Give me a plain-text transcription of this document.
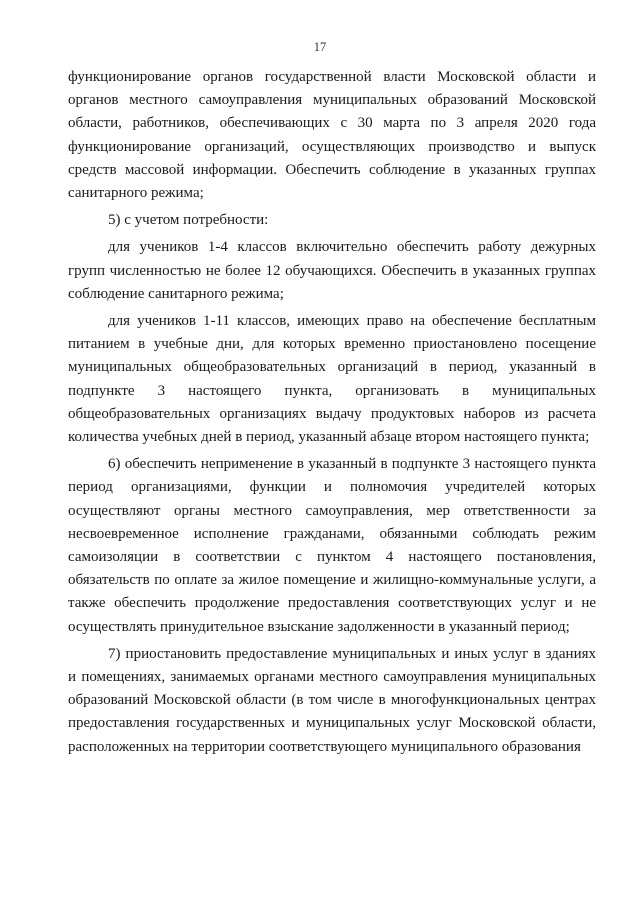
17

функционирование органов государственной власти Московской области и органов местного самоуправления муниципальных образований Московской области, работников, обеспечивающих с 30 марта по 3 апреля 2020 года функционирование организаций, осуществляющих производство и выпуск средств массовой информации. Обеспечить соблюдение в указанных группах санитарного режима;

5) с учетом потребности:

для учеников 1-4 классов включительно обеспечить работу дежурных групп численностью не более 12 обучающихся. Обеспечить в указанных группах соблюдение санитарного режима;

для учеников 1-11 классов, имеющих право на обеспечение бесплатным питанием в учебные дни, для которых временно приостановлено посещение муниципальных общеобразовательных организаций в период, указанный в подпункте 3 настоящего пункта, организовать в муниципальных общеобразовательных организациях выдачу продуктовых наборов из расчета количества учебных дней в период, указанный абзаце втором настоящего пункта;

6) обеспечить неприменение в указанный в подпункте 3 настоящего пункта период организациями, функции и полномочия учредителей которых осуществляют органы местного самоуправления, мер ответственности за несвоевременное исполнение гражданами, обязанными соблюдать режим самоизоляции в соответствии с пунктом 4 настоящего постановления, обязательств по оплате за жилое помещение и жилищно-коммунальные услуги, а также обеспечить продолжение предоставления соответствующих услуг и не осуществлять принудительное взыскание задолженности в указанный период;

7) приостановить предоставление муниципальных и иных услуг в зданиях и помещениях, занимаемых органами местного самоуправления муниципальных образований Московской области (в том числе в многофункциональных центрах предоставления государственных и муниципальных услуг Московской области, расположенных на территории соответствующего муниципального образования
